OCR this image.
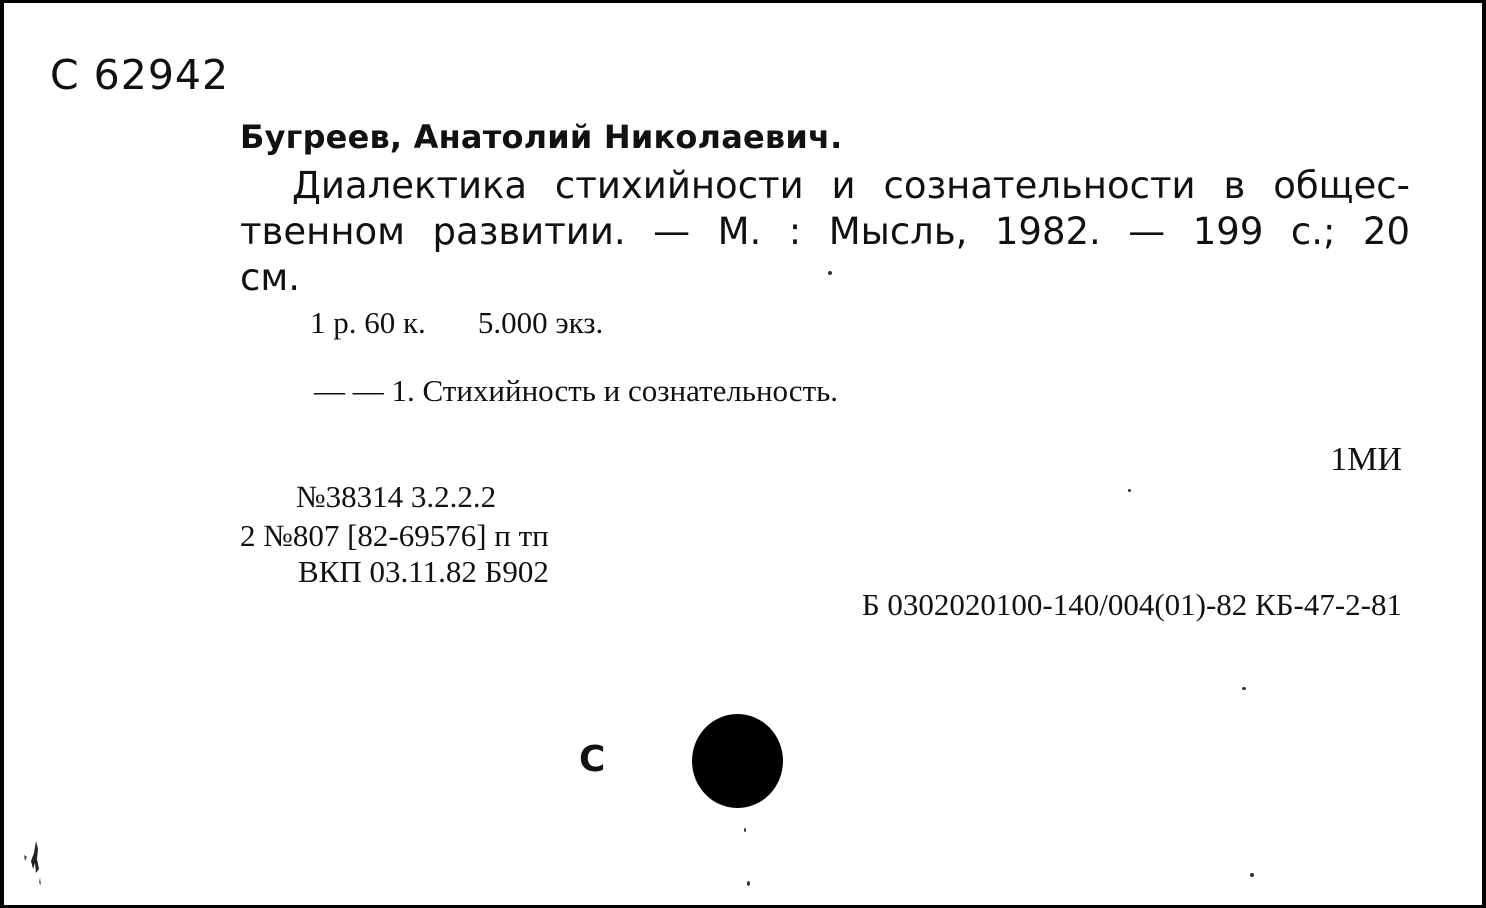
С 62942
Бугреев, Анатолий Николаевич.
Диалектика стихийности и сознательности в общес-
твенном развитии. — М. : Мысль, 1982. — 199 с.; 20
см.
1 р. 60 к. 5.000 экз.
— — 1. Стихийность и сознательность.
1МИ
№38314 3.2.2.2
2 №807 [82-69576] п тп
ВКП 03.11.82 Б902
Б 0302020100-140/004(01)-82 КБ-47-2-81
С
